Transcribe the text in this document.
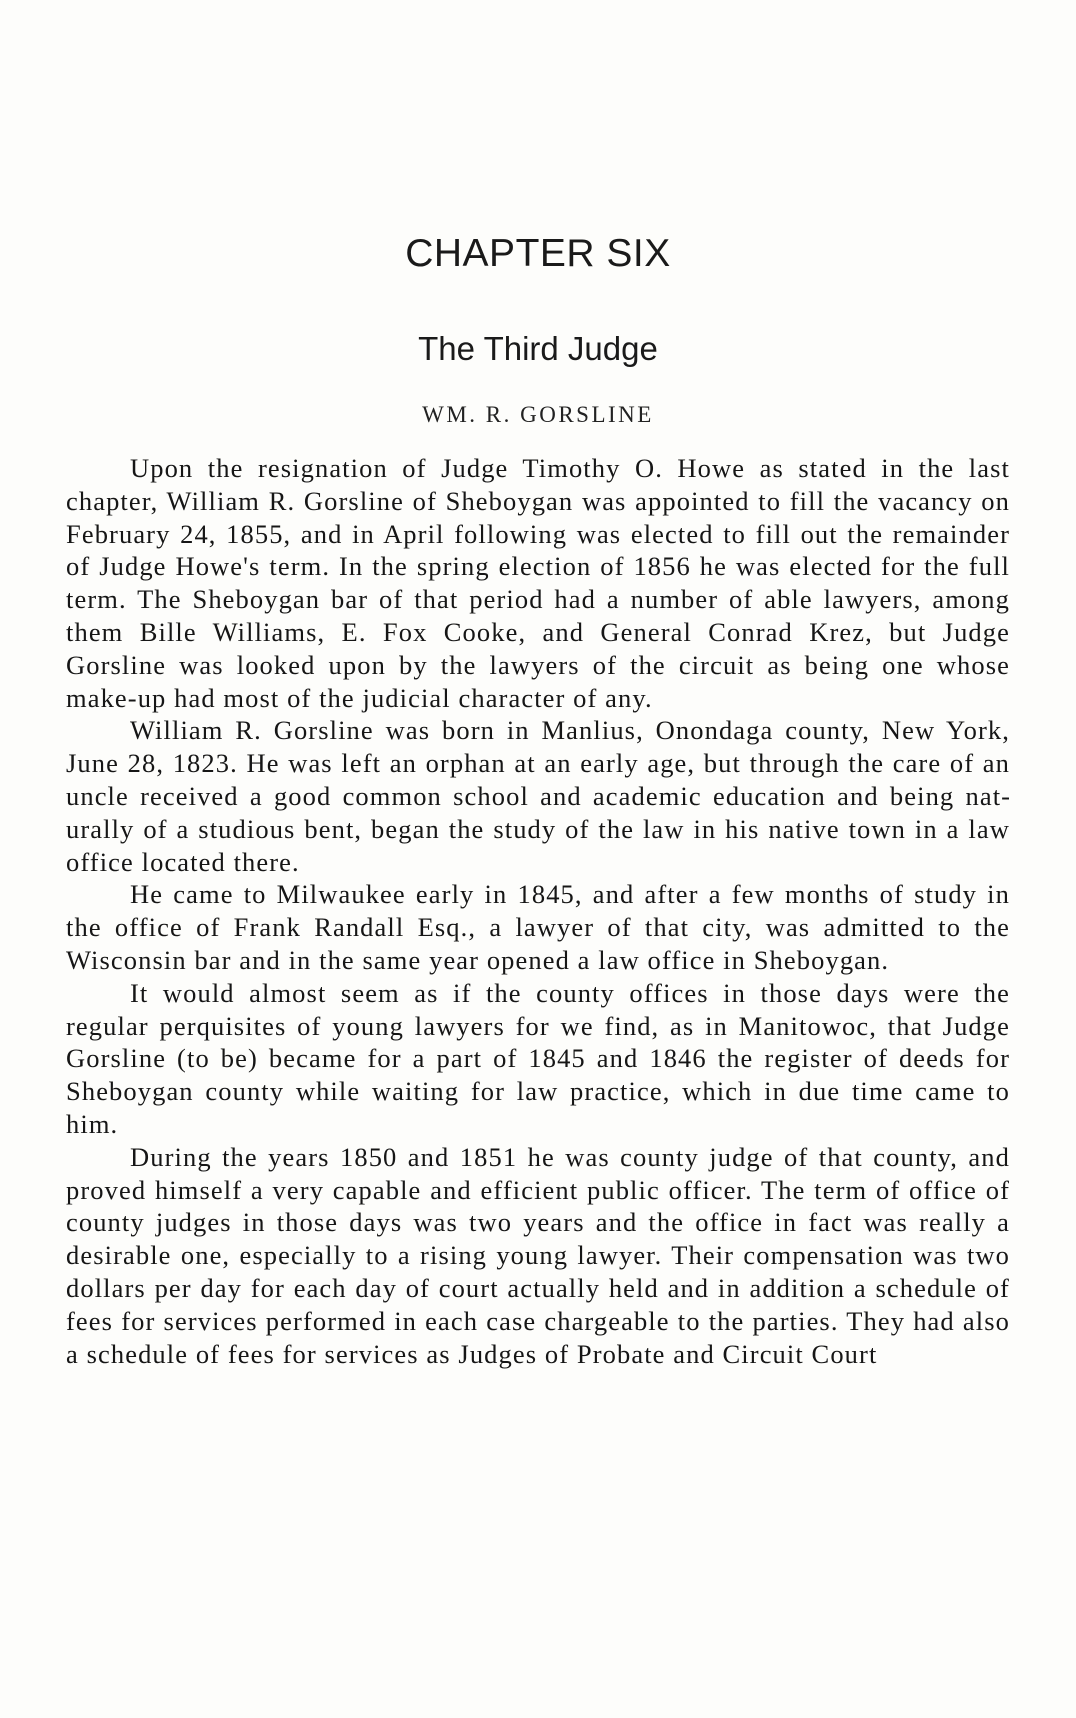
CHAPTER SIX
The Third Judge
WM. R. GORSLINE

Upon the resignation of Judge Timothy O. Howe as stated in the last chapter, William R. Gorsline of Sheboygan was appointed to fill the vacancy on February 24, 1855, and in April following was elected to fill out the remainder of Judge Howe's term. In the spring election of 1856 he was elected for the full term. The Sheboygan bar of that period had a number of able lawyers, among them Bille Williams, E. Fox Cooke, and General Conrad Krez, but Judge Gorsline was looked upon by the lawyers of the circuit as being one whose make-up had most of the judicial character of any.

William R. Gorsline was born in Manlius, Onondaga county, New York, June 28, 1823. He was left an orphan at an early age, but through the care of an uncle received a good common school and academic education and being naturally of a studious bent, began the study of the law in his native town in a law office located there.

He came to Milwaukee early in 1845, and after a few months of study in the office of Frank Randall Esq., a lawyer of that city, was admitted to the Wisconsin bar and in the same year opened a law office in Sheboygan.

It would almost seem as if the county offices in those days were the regular perquisites of young lawyers for we find, as in Manitowoc, that Judge Gorsline (to be) became for a part of 1845 and 1846 the register of deeds for Sheboygan county while waiting for law practice, which in due time came to him.

During the years 1850 and 1851 he was county judge of that county, and proved himself a very capable and efficient public officer. The term of office of county judges in those days was two years and the office in fact was really a desirable one, especially to a rising young lawyer. Their compensation was two dollars per day for each day of court actually held and in addition a schedule of fees for services performed in each case chargeable to the parties. They had also a schedule of fees for services as Judges of Probate and Circuit Court
